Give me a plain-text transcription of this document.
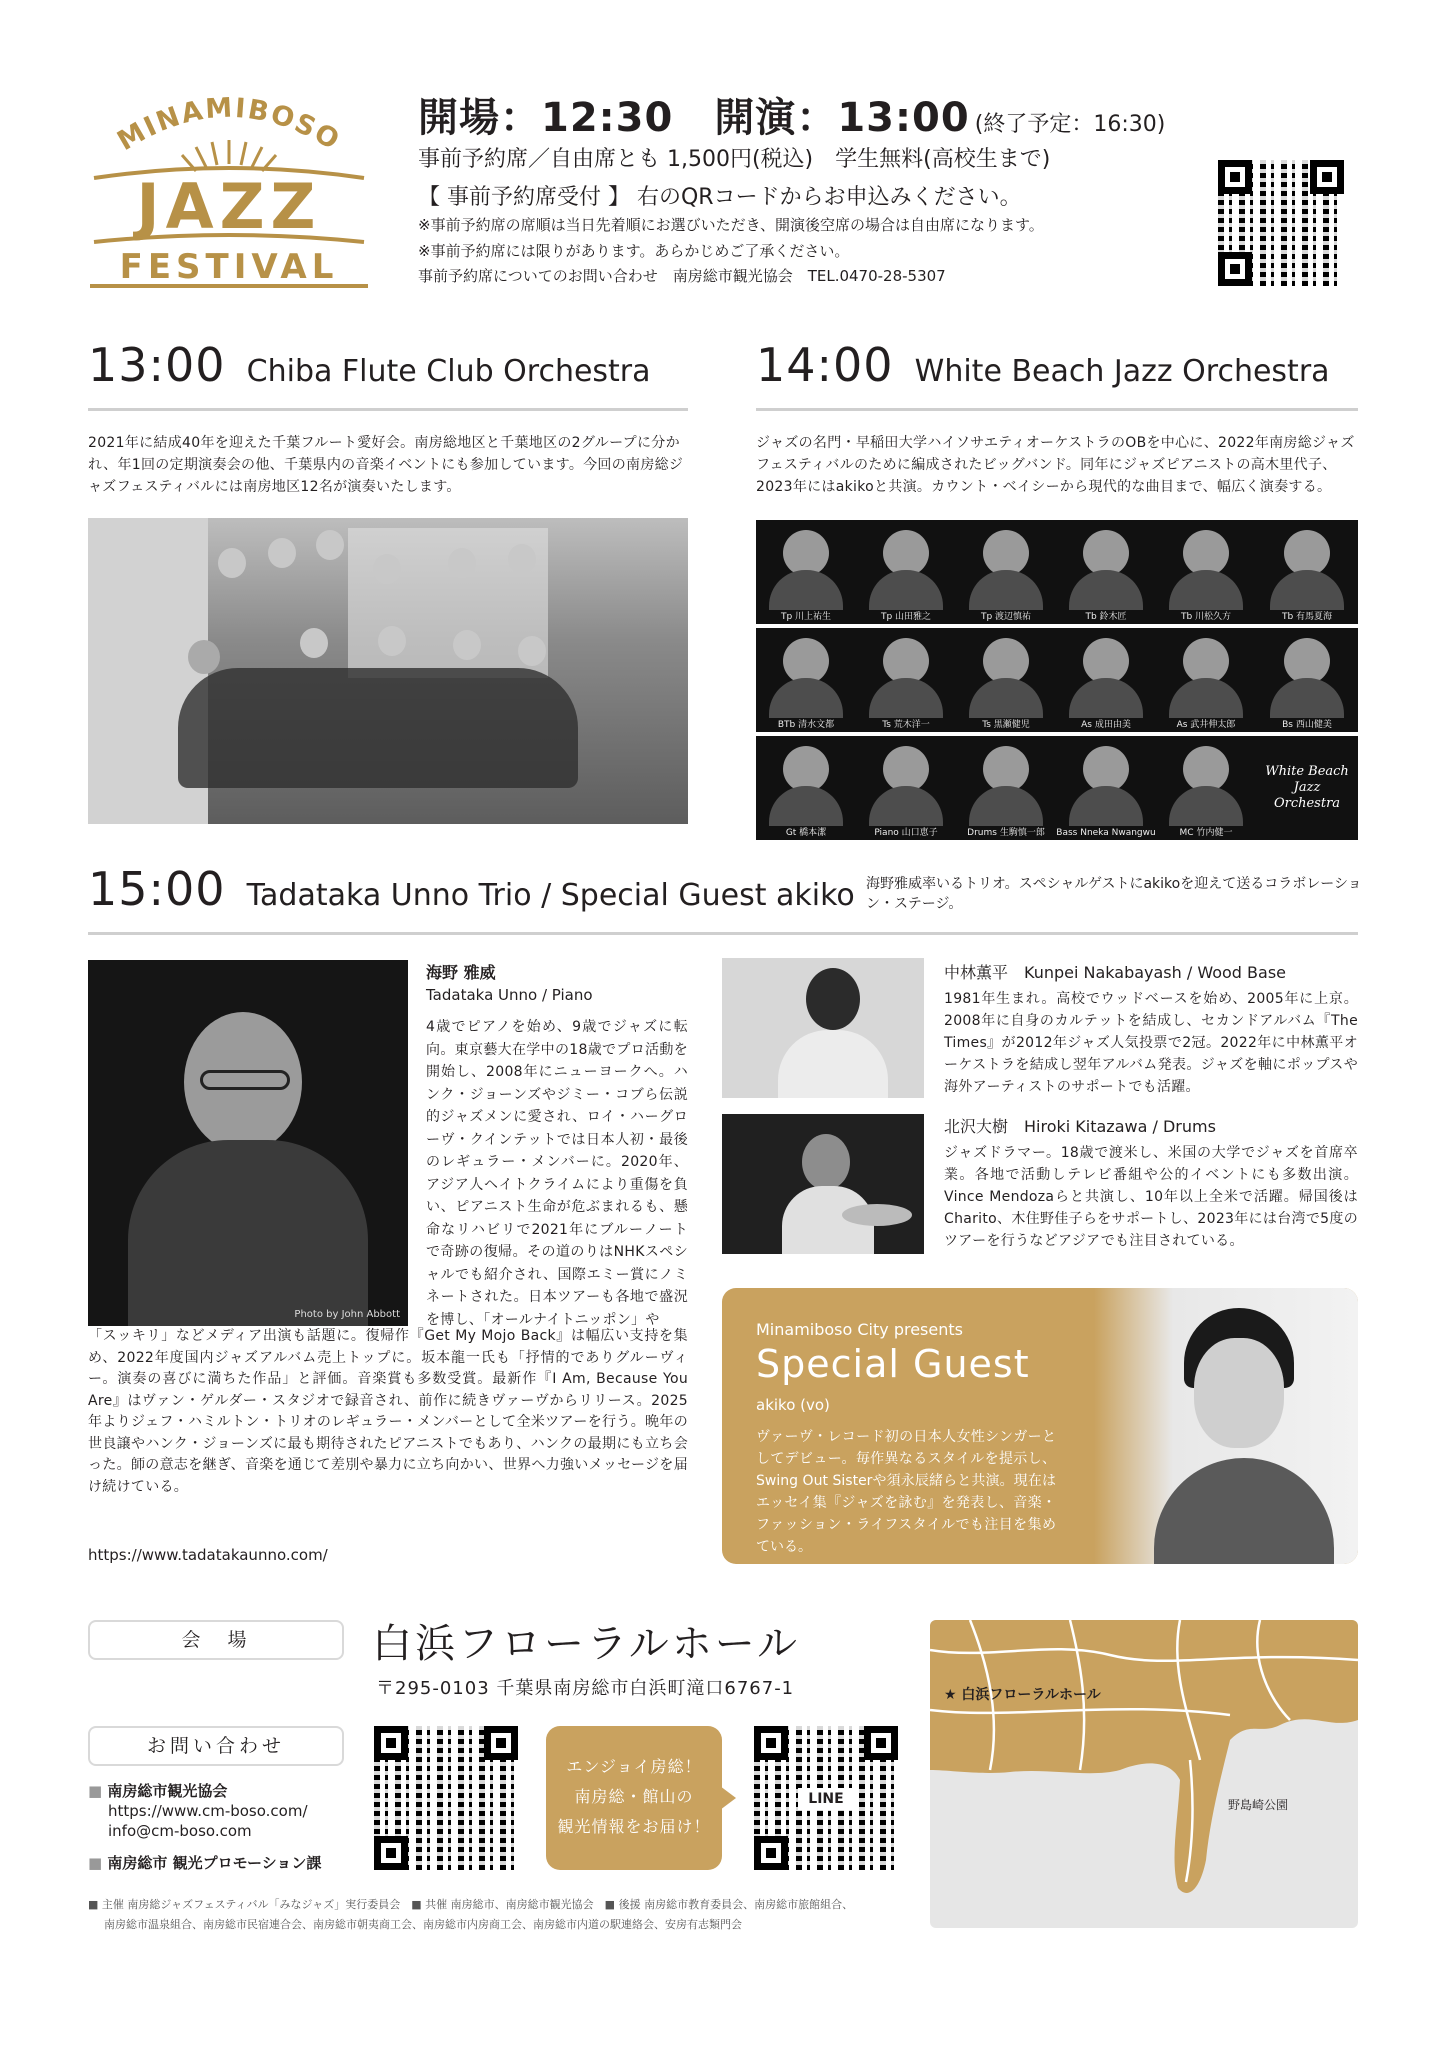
MINAMIBOSO
JAZZ
FESTIVAL
開場：12:30　開演：13:00 (終了予定：16:30)
事前予約席／自由席とも 1,500円(税込)　学生無料(高校生まで)
【 事前予約席受付 】 右のQRコードからお申込みください。
※事前予約席の席順は当日先着順にお選びいただき、開演後空席の場合は自由席になります。
※事前予約席には限りがあります。あらかじめご了承ください。
事前予約席についてのお問い合わせ　南房総市観光協会　TEL.0470-28-5307
13:00 Chiba Flute Club Orchestra
2021年に結成40年を迎えた千葉フルート愛好会。南房総地区と千葉地区の2グループに分かれ、年1回の定期演奏会の他、千葉県内の音楽イベントにも参加しています。今回の南房総ジャズフェスティバルには南房地区12名が演奏いたします。
14:00 White Beach Jazz Orchestra
ジャズの名門・早稲田大学ハイソサエティオーケストラのOBを中心に、2022年南房総ジャズフェスティバルのために編成されたビッグバンド。同年にジャズピアニストの高木里代子、2023年にはakikoと共演。カウント・ベイシーから現代的な曲目まで、幅広く演奏する。
Tp 川上祐生	Tp 山田雅之	Tp 渡辺慎祐	Tb 鈴木匠	Tb 川松久方	Tb 有馬夏海
BTb 清水文都	Ts 荒木洋一	Ts 黒瀬健児	As 成田由美	As 武井伸太郎	Bs 西山健美
Gt 橋本潔	Piano 山口恵子	Drums 生駒慎一郎	Bass Nneka Nwangwu	MC 竹内健一
White Beach Jazz Orchestra
15:00 Tadataka Unno Trio / Special Guest akiko 海野雅威率いるトリオ。スペシャルゲストにakikoを迎えて送るコラボレーション・ステージ。
Photo by John Abbott
海野 雅威
Tadataka Unno / Piano
4歳でピアノを始め、9歳でジャズに転向。東京藝大在学中の18歳でプロ活動を開始し、2008年にニューヨークへ。ハンク・ジョーンズやジミー・コブら伝説的ジャズメンに愛され、ロイ・ハーグローヴ・クインテットでは日本人初・最後のレギュラー・メンバーに。2020年、アジア人ヘイトクライムにより重傷を負い、ピアニスト生命が危ぶまれるも、懸命なリハビリで2021年にブルーノートで奇跡の復帰。その道のりはNHKスペシャルでも紹介され、国際エミー賞にノミネートされた。日本ツアーも各地で盛況を博し、「オールナイトニッポン」や
「スッキリ」などメディア出演も話題に。復帰作『Get My Mojo Back』は幅広い支持を集め、2022年度国内ジャズアルバム売上トップに。坂本龍一氏も「抒情的でありグルーヴィー。演奏の喜びに満ちた作品」と評価。音楽賞も多数受賞。最新作『I Am, Because You Are』はヴァン・ゲルダー・スタジオで録音され、前作に続きヴァーヴからリリース。2025年よりジェフ・ハミルトン・トリオのレギュラー・メンバーとして全米ツアーを行う。晩年の世良譲やハンク・ジョーンズに最も期待されたピアニストでもあり、ハンクの最期にも立ち会った。師の意志を継ぎ、音楽を通じて差別や暴力に立ち向かい、世界へ力強いメッセージを届け続けている。
https://www.tadatakaunno.com/
中林薫平　Kunpei Nakabayash / Wood Base
1981年生まれ。高校でウッドベースを始め、2005年に上京。2008年に自身のカルテットを結成し、セカンドアルバム『The Times』が2012年ジャズ人気投票で2冠。2022年に中林薫平オーケストラを結成し翌年アルバム発表。ジャズを軸にポップスや海外アーティストのサポートでも活躍。
北沢大樹　Hiroki Kitazawa / Drums
ジャズドラマー。18歳で渡米し、米国の大学でジャズを首席卒業。各地で活動しテレビ番組や公的イベントにも多数出演。Vince Mendozaらと共演し、10年以上全米で活躍。帰国後はCharito、木住野佳子らをサポートし、2023年には台湾で5度のツアーを行うなどアジアでも注目されている。
Minamiboso City presents
Special Guest
akiko (vo)
ヴァーヴ・レコード初の日本人女性シンガーとしてデビュー。毎作異なるスタイルを提示し、Swing Out Sisterや須永辰緒らと共演。現在はエッセイ集『ジャズを詠む』を発表し、音楽・ファッション・ライフスタイルでも注目を集めている。
会　場	白浜フローラルホール
〒295-0103 千葉県南房総市白浜町滝口6767-1
お問い合わせ
■ 南房総市観光協会
https://www.cm-boso.com/
info@cm-boso.com
■ 南房総市 観光プロモーション課
エンジョイ房総！
南房総・館山の
観光情報をお届け！
LINE
★ 白浜フローラルホール
野島崎公園
■ 主催 南房総ジャズフェスティバル「みなジャズ」実行委員会　■ 共催 南房総市、南房総市観光協会　■ 後援 南房総市教育委員会、南房総市旅館組合、
南房総市温泉組合、南房総市民宿連合会、南房総市朝夷商工会、南房総市内房商工会、南房総市内道の駅連絡会、安房有志類門会
